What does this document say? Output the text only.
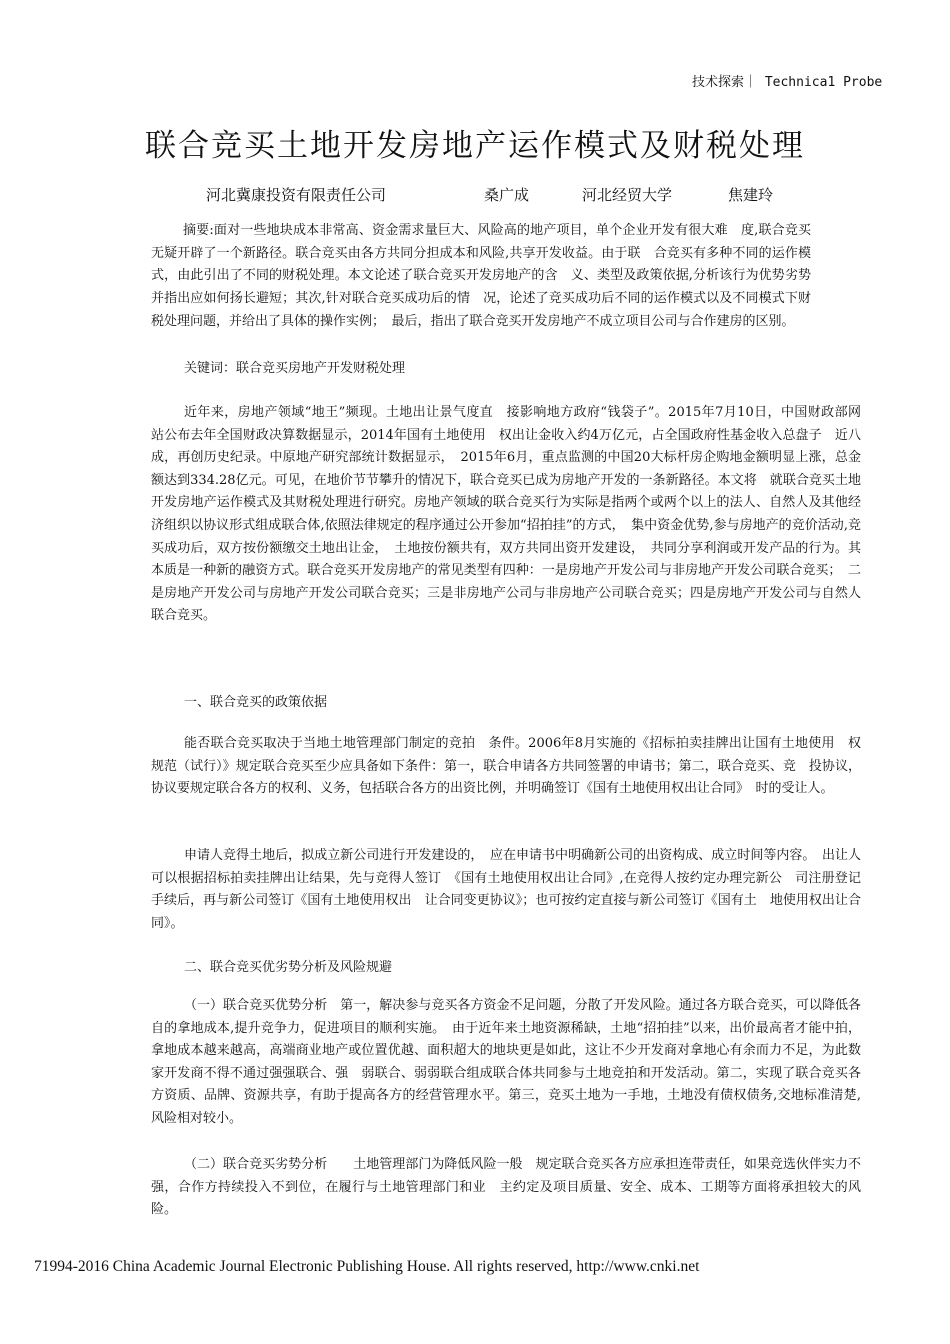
技术探索｜ Technica1 Probe
联合竞买土地开发房地产运作模式及财税处理
河北冀康投资有限责任公司	桑广成	河北经贸大学	焦建玲
摘要:面对一些地块成本非常高、资金需求量巨大、风险高的地产项目，单个企业开发有很大难　度,联合竞买无疑开辟了一个新路径。联合竞买由各方共同分担成本和风险,共享开发收益。由于联　合竞买有多种不同的运作模式，由此引出了不同的财税处理。本文论述了联合竞买开发房地产的含　义、类型及政策依据,分析该行为优势劣势并指出应如何扬长避短；其次,针对联合竞买成功后的情　况，论述了竞买成功后不同的运作模式以及不同模式下财税处理问题，并给出了具体的操作实例；　最后，指出了联合竞买开发房地产不成立项目公司与合作建房的区别。
关键词：联合竞买房地产开发财税处理

近年来，房地产领域“地王”频现。土地出让景气度直　接影响地方政府“钱袋子”。2015年7月10日，中国财政部网　站公布去年全国财政决算数据显示，2014年国有土地使用　权出让金收入约4万亿元，占全国政府性基金收入总盘子　近八成，再创历史纪录。中原地产研究部统计数据显示，　2015年6月，重点监测的中国20大标杆房企购地金额明显上涨，总金额达到334.28亿元。可见，在地价节节攀升的情况下，联合竞买已成为房地产开发的一条新路径。本文将　就联合竞买土地开发房地产运作模式及其财税处理进行研究。房地产领域的联合竞买行为实际是指两个或两个以上的法人、自然人及其他经济组织以协议形式组成联合体,依照法律规定的程序通过公开参加“招拍挂”的方式，　集中资金优势,参与房地产的竞价活动,竞买成功后，双方按份额缴交土地出让金，　土地按份额共有，双方共同出资开发建设，　共同分享利润或开发产品的行为。其本质是一种新的融资方式。联合竞买开发房地产的常见类型有四种：一是房地产开发公司与非房地产开发公司联合竞买；　二是房地产开发公司与房地产开发公司联合竞买；三是非房地产公司与非房地产公司联合竞买；四是房地产开发公司与自然人联合竞买。

一、联合竞买的政策依据

能否联合竞买取决于当地土地管理部门制定的竞拍　条件。2006年8月实施的《招标拍卖挂牌出让国有土地使用　权规范（试行）》规定联合竞买至少应具备如下条件：第一，联合申请各方共同签署的申请书；第二，联合竞买、竞　投协议，协议要规定联合各方的权利、义务，包括联合各方的出资比例，并明确签订《国有土地使用权出让合同》　时的受让人。

申请人竞得土地后，拟成立新公司进行开发建设的，　应在申请书中明确新公司的出资构成、成立时间等内容。　出让人可以根据招标拍卖挂牌出让结果，先与竞得人签订　《国有土地使用权出让合同》,在竞得人按约定办理完新公　司注册登记手续后，再与新公司签订《国有土地使用权出　让合同变更协议》；也可按约定直接与新公司签订《国有土　地使用权出让合同》。

二、联合竞买优劣势分析及风险规避

（一）联合竞买优势分析　第一，解决参与竞买各方资金不足问题，分散了开发风险。通过各方联合竞买，可以降低各自的拿地成本,提升竞争力，促进项目的顺利实施。　由于近年来土地资源稀缺，土地“招拍挂”以来，出价最高者才能中拍，拿地成本越来越高，高端商业地产或位置优越、面积超大的地块更是如此，这让不少开发商对拿地心有余而力不足，为此数家开发商不得不通过强强联合、强　弱联合、弱弱联合组成联合体共同参与土地竞拍和开发活动。第二，实现了联合竞买各方资质、品牌、资源共享，有助于提高各方的经营管理水平。第三，竞买土地为一手地，土地没有债权债务,交地标准清楚,风险相对较小。

（二）联合竞买劣势分析　　土地管理部门为降低风险一般　规定联合竞买各方应承担连带责任，如果竞选伙伴实力不强，合作方持续投入不到位，在履行与土地管理部门和业　主约定及项目质量、安全、成本、工期等方面将承担较大的风险。

71994-2016 China Academic Journal Electronic Publishing House. All rights reserved, http://www.cnki.net
